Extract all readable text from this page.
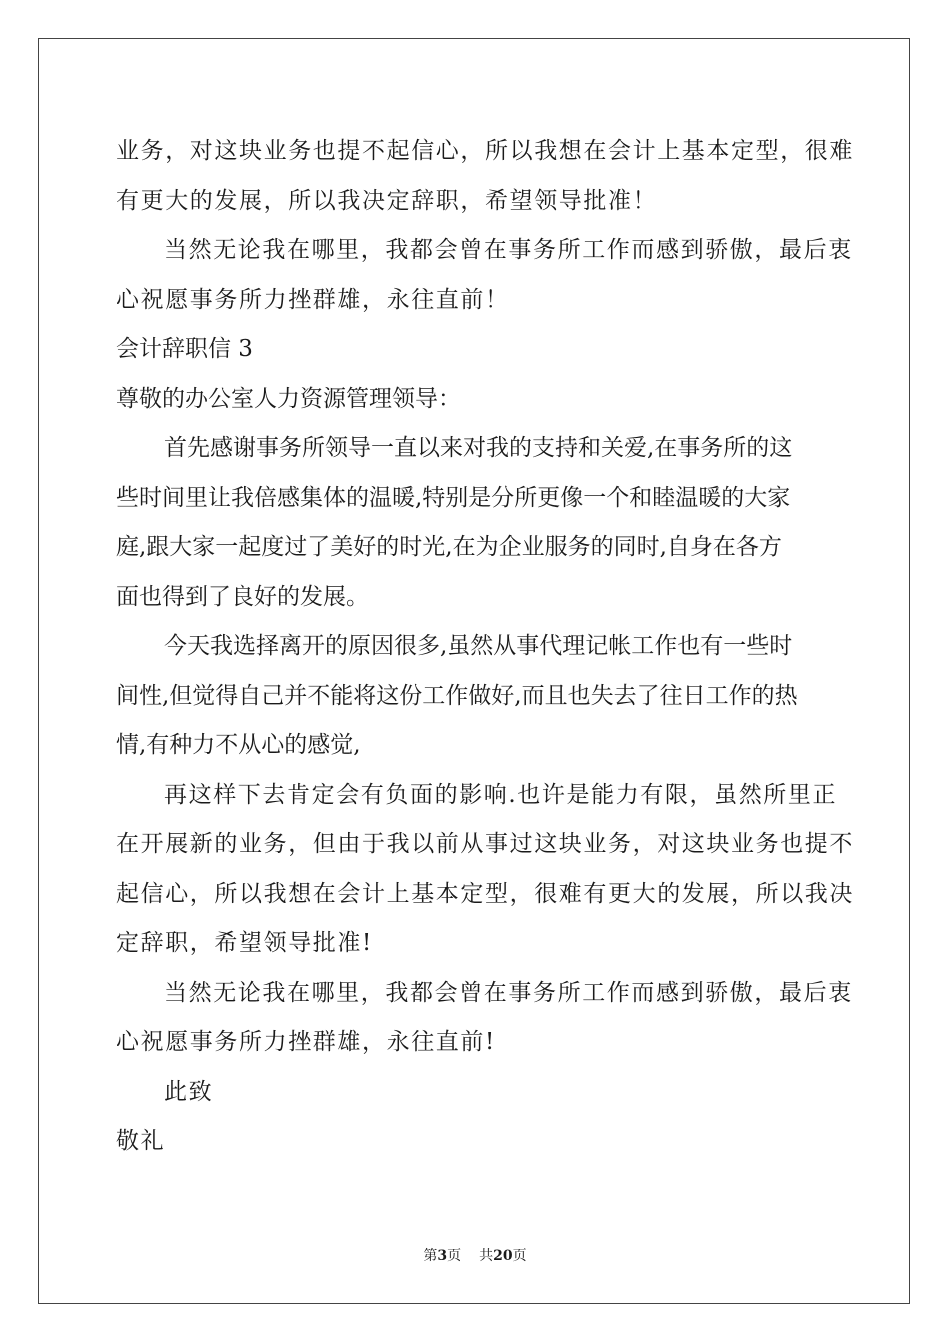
业务，对这块业务也提不起信心，所以我想在会计上基本定型，很难
有更大的发展，所以我决定辞职，希望领导批准！
当然无论我在哪里，我都会曾在事务所工作而感到骄傲，最后衷
心祝愿事务所力挫群雄，永往直前！
会计辞职信 3
尊敬的办公室人力资源管理领导：
首先感谢事务所领导一直以来对我的支持和关爱,在事务所的这
些时间里让我倍感集体的温暖,特别是分所更像一个和睦温暖的大家
庭,跟大家一起度过了美好的时光,在为企业服务的同时,自身在各方
面也得到了良好的发展。
今天我选择离开的原因很多,虽然从事代理记帐工作也有一些时
间性,但觉得自己并不能将这份工作做好,而且也失去了往日工作的热
情,有种力不从心的感觉,
再这样下去肯定会有负面的影响.也许是能力有限，虽然所里正
在开展新的业务，但由于我以前从事过这块业务，对这块业务也提不
起信心，所以我想在会计上基本定型，很难有更大的发展，所以我决
定辞职，希望领导批准!
当然无论我在哪里，我都会曾在事务所工作而感到骄傲，最后衷
心祝愿事务所力挫群雄，永往直前!
此致
敬礼
第3页 共20页
